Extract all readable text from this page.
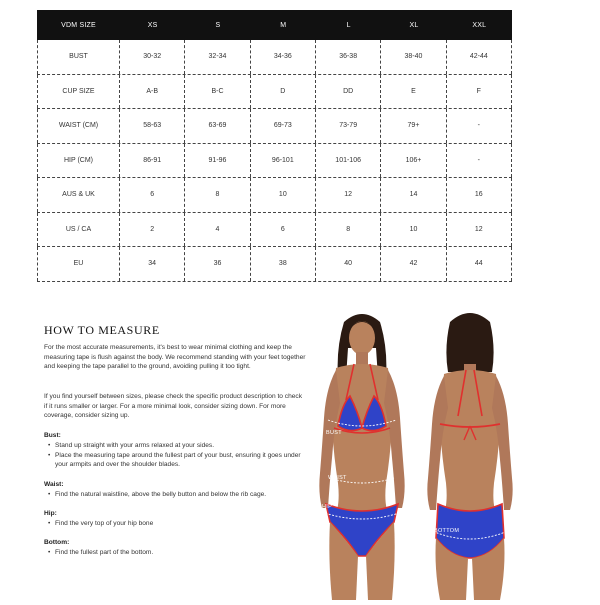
VDM SIZE	XS	S	M	L	XL	XXL
BUST	30-32	32-34	34-36	36-38	38-40	42-44
CUP SIZE	A-B	B-C	D	DD	E	F
WAIST (CM)	58-63	63-69	69-73	73-79	79+	-
HIP (CM)	86-91	91-96	96-101	101-106	106+	-
AUS & UK	6	8	10	12	14	16
US / CA	2	4	6	8	10	12
EU	34	36	38	40	42	44
HOW TO MEASURE
For the most accurate measurements, it's best to wear minimal clothing and keep the measuring tape is flush against the body. We recommend standing with your feet together and keeping the tape parallel to the ground, avoiding pulling it too tight.
If you find yourself between sizes, please check the specific product description to check if it runs smaller or larger. For a more minimal look, consider sizing down. For more coverage, consider sizing up.
Bust:
• Stand up straight with your arms relaxed at your sides.
• Place the measuring tape around the fullest part of your bust, ensuring it goes under your armpits and over the shoulder blades.
Waist:
• Find the natural waistline, above the belly button and below the rib cage.
Hip:
• Find the very top of your hip bone
Bottom:
• Find the fullest part of the bottom.
BUST
WAIST
HIP
BOTTOM
